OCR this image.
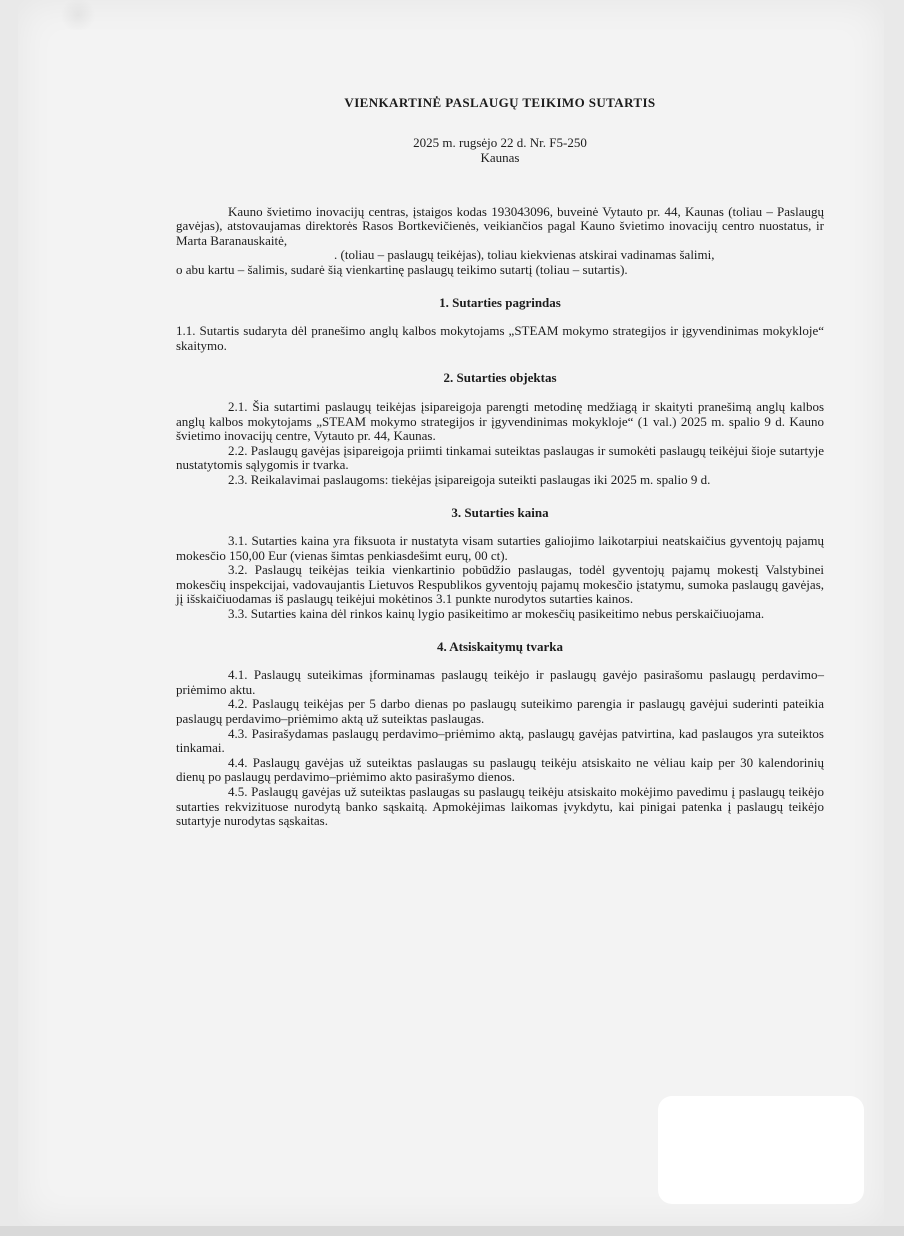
VIENKARTINĖ PASLAUGŲ TEIKIMO SUTARTIS
2025 m. rugsėjo 22 d. Nr. F5-250
Kaunas

Kauno švietimo inovacijų centras, įstaigos kodas 193043096, buveinė Vytauto pr. 44, Kaunas (toliau – Paslaugų gavėjas), atstovaujamas direktorės Rasos Bortkevičienės, veikiančios pagal Kauno švietimo inovacijų centro nuostatus, ir Marta Baranauskaitė,

. (toliau – paslaugų teikėjas), toliau kiekvienas atskirai vadinamas šalimi,

o abu kartu – šalimis, sudarė šią vienkartinę paslaugų teikimo sutartį (toliau – sutartis).

1. Sutarties pagrindas

1.1. Sutartis sudaryta dėl pranešimo anglų kalbos mokytojams „STEAM mokymo strategijos ir įgyvendinimas mokykloje“ skaitymo.

2. Sutarties objektas

2.1. Šia sutartimi paslaugų teikėjas įsipareigoja parengti metodinę medžiagą ir skaityti pranešimą anglų kalbos anglų kalbos mokytojams „STEAM mokymo strategijos ir įgyvendinimas mokykloje“ (1 val.) 2025 m. spalio 9 d. Kauno švietimo inovacijų centre, Vytauto pr. 44, Kaunas.

2.2. Paslaugų gavėjas įsipareigoja priimti tinkamai suteiktas paslaugas ir sumokėti paslaugų teikėjui šioje sutartyje nustatytomis sąlygomis ir tvarka.

2.3. Reikalavimai paslaugoms: tiekėjas įsipareigoja suteikti paslaugas iki 2025 m. spalio 9 d.

3. Sutarties kaina

3.1. Sutarties kaina yra fiksuota ir nustatyta visam sutarties galiojimo laikotarpiui neatskaičius gyventojų pajamų mokesčio 150,00 Eur (vienas šimtas penkiasdešimt eurų, 00 ct).

3.2. Paslaugų teikėjas teikia vienkartinio pobūdžio paslaugas, todėl gyventojų pajamų mokestį Valstybinei mokesčių inspekcijai, vadovaujantis Lietuvos Respublikos gyventojų pajamų mokesčio įstatymu, sumoka paslaugų gavėjas, jį išskaičiuodamas iš paslaugų teikėjui mokėtinos 3.1 punkte nurodytos sutarties kainos.

3.3. Sutarties kaina dėl rinkos kainų lygio pasikeitimo ar mokesčių pasikeitimo nebus perskaičiuojama.

4. Atsiskaitymų tvarka

4.1. Paslaugų suteikimas įforminamas paslaugų teikėjo ir paslaugų gavėjo pasirašomu paslaugų perdavimo–priėmimo aktu.

4.2. Paslaugų teikėjas per 5 darbo dienas po paslaugų suteikimo parengia ir paslaugų gavėjui suderinti pateikia paslaugų perdavimo–priėmimo aktą už suteiktas paslaugas.

4.3. Pasirašydamas paslaugų perdavimo–priėmimo aktą, paslaugų gavėjas patvirtina, kad paslaugos yra suteiktos tinkamai.

4.4. Paslaugų gavėjas už suteiktas paslaugas su paslaugų teikėju atsiskaito ne vėliau kaip per 30 kalendorinių dienų po paslaugų perdavimo–priėmimo akto pasirašymo dienos.

4.5. Paslaugų gavėjas už suteiktas paslaugas su paslaugų teikėju atsiskaito mokėjimo pavedimu į paslaugų teikėjo sutarties rekvizituose nurodytą banko sąskaitą. Apmokėjimas laikomas įvykdytu, kai pinigai patenka į paslaugų teikėjo sutartyje nurodytas sąskaitas.
